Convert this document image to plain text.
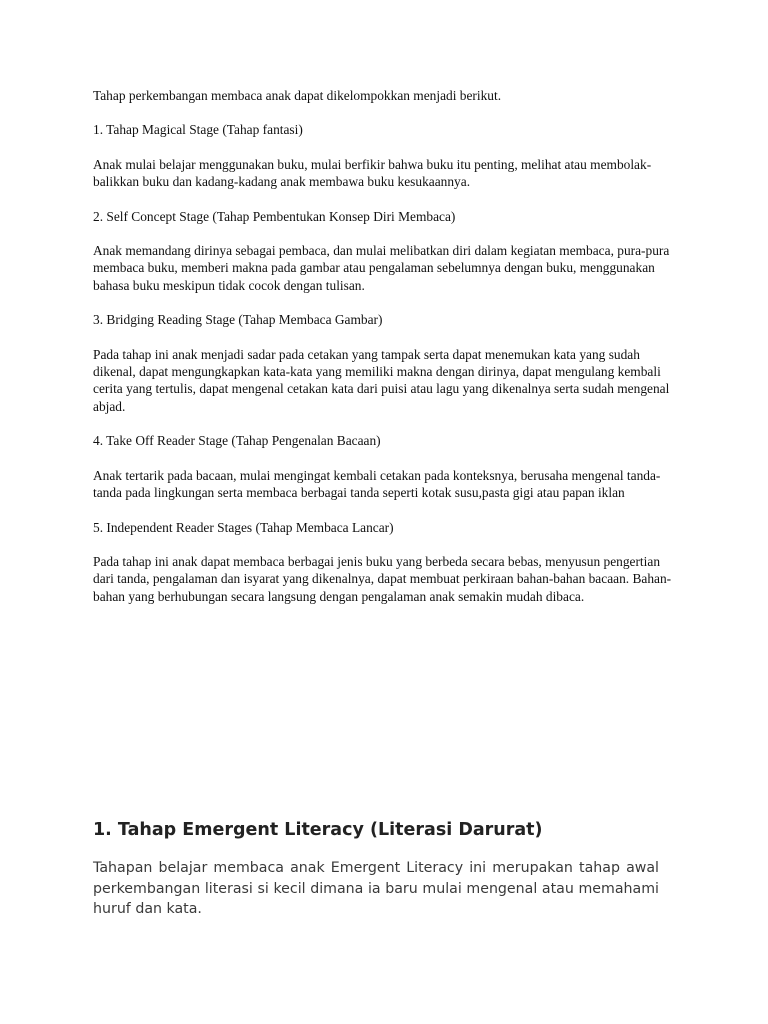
Tahap perkembangan membaca anak dapat dikelompokkan menjadi berikut.

1. Tahap Magical Stage (Tahap fantasi)

Anak mulai belajar menggunakan buku, mulai berfikir bahwa buku itu penting, melihat atau membolak-balikkan buku dan kadang-kadang anak membawa buku kesukaannya.

2. Self Concept Stage (Tahap Pembentukan Konsep Diri Membaca)

Anak memandang dirinya sebagai pembaca, dan mulai melibatkan diri dalam kegiatan membaca, pura-pura membaca buku, memberi makna pada gambar atau pengalaman sebelumnya dengan buku, menggunakan bahasa buku meskipun tidak cocok dengan tulisan.

3. Bridging Reading Stage (Tahap Membaca Gambar)

Pada tahap ini anak menjadi sadar pada cetakan yang tampak serta dapat menemukan kata yang sudah dikenal, dapat mengungkapkan kata-kata yang memiliki makna dengan dirinya, dapat mengulang kembali cerita yang tertulis, dapat mengenal cetakan kata dari puisi atau lagu yang dikenalnya serta sudah mengenal abjad.

4. Take Off Reader Stage (Tahap Pengenalan Bacaan)

Anak tertarik pada bacaan, mulai mengingat kembali cetakan pada konteksnya, berusaha mengenal tanda-tanda pada lingkungan serta membaca berbagai tanda seperti kotak susu,pasta gigi atau papan iklan

5. Independent Reader Stages (Tahap Membaca Lancar)

Pada tahap ini anak dapat membaca berbagai jenis buku yang berbeda secara bebas, menyusun pengertian dari tanda, pengalaman dan isyarat yang dikenalnya, dapat membuat perkiraan bahan-bahan bacaan. Bahan-bahan yang berhubungan secara langsung dengan pengalaman anak semakin mudah dibaca.

1. Tahap Emergent Literacy (Literasi Darurat)

Tahapan belajar membaca anak Emergent Literacy ini merupakan tahap awal perkembangan literasi si kecil dimana ia baru mulai mengenal atau memahami huruf dan kata.
